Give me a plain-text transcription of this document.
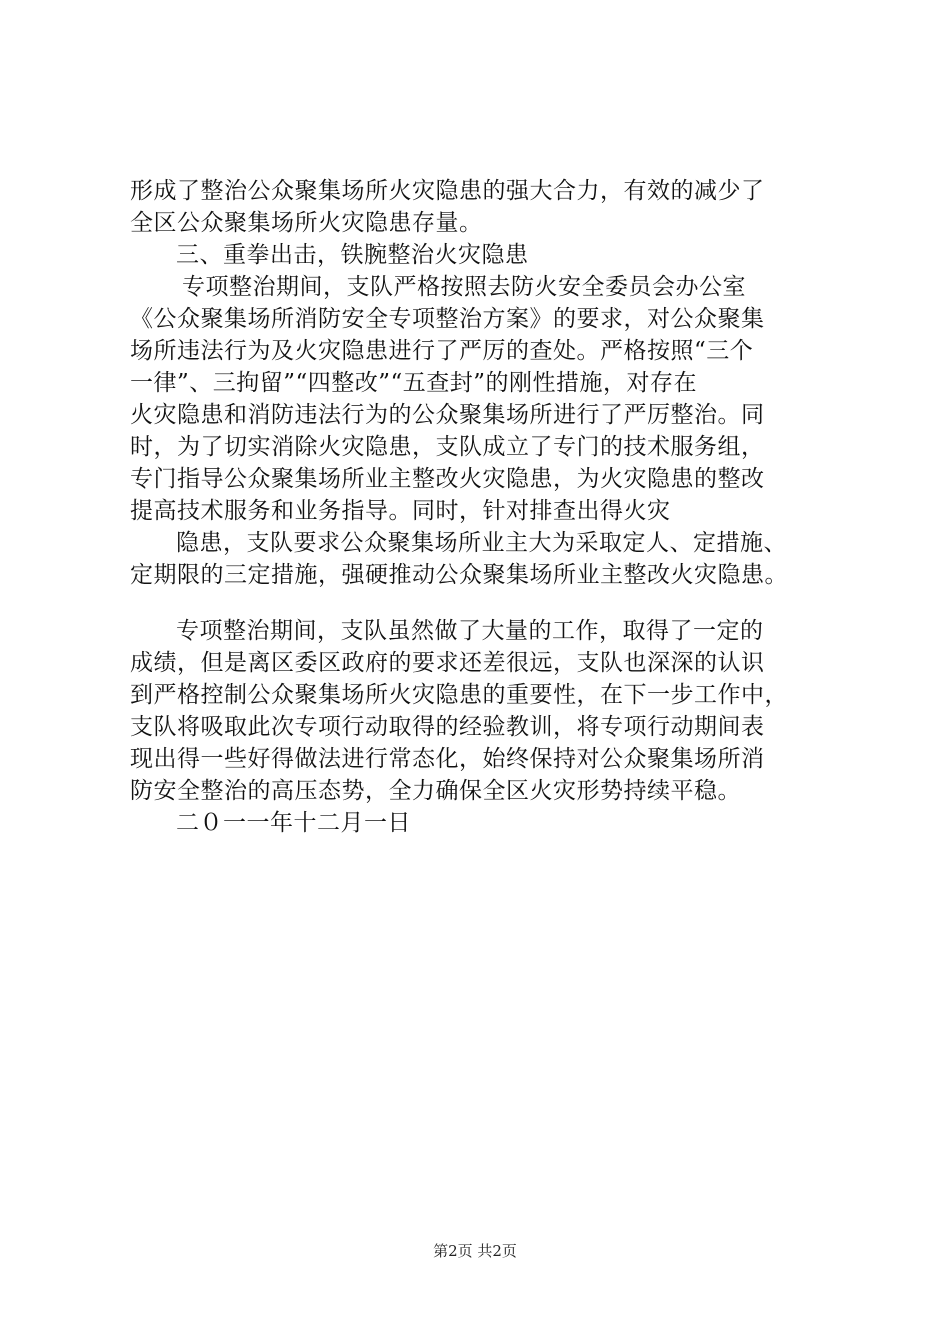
形成了整治公众聚集场所火灾隐患的强大合力，有效的减少了
全区公众聚集场所火灾隐患存量。
三、重拳出击，铁腕整治火灾隐患
专项整治期间，支队严格按照去防火安全委员会办公室
《公众聚集场所消防安全专项整治方案》的要求，对公众聚集
场所违法行为及火灾隐患进行了严厉的查处。严格按照“三个
一律”、三拘留”“四整改”“五查封”的刚性措施，对存在
火灾隐患和消防违法行为的公众聚集场所进行了严厉整治。同
时，为了切实消除火灾隐患，支队成立了专门的技术服务组，
专门指导公众聚集场所业主整改火灾隐患，为火灾隐患的整改
提高技术服务和业务指导。同时，针对排查出得火灾
隐患，支队要求公众聚集场所业主大为采取定人、定措施、
定期限的三定措施，强硬推动公众聚集场所业主整改火灾隐患。
专项整治期间，支队虽然做了大量的工作，取得了一定的
成绩，但是离区委区政府的要求还差很远，支队也深深的认识
到严格控制公众聚集场所火灾隐患的重要性，在下一步工作中，
支队将吸取此次专项行动取得的经验教训，将专项行动期间表
现出得一些好得做法进行常态化，始终保持对公众聚集场所消
防安全整治的高压态势，全力确保全区火灾形势持续平稳。
二０一一年十二月一日
第2页 共2页
